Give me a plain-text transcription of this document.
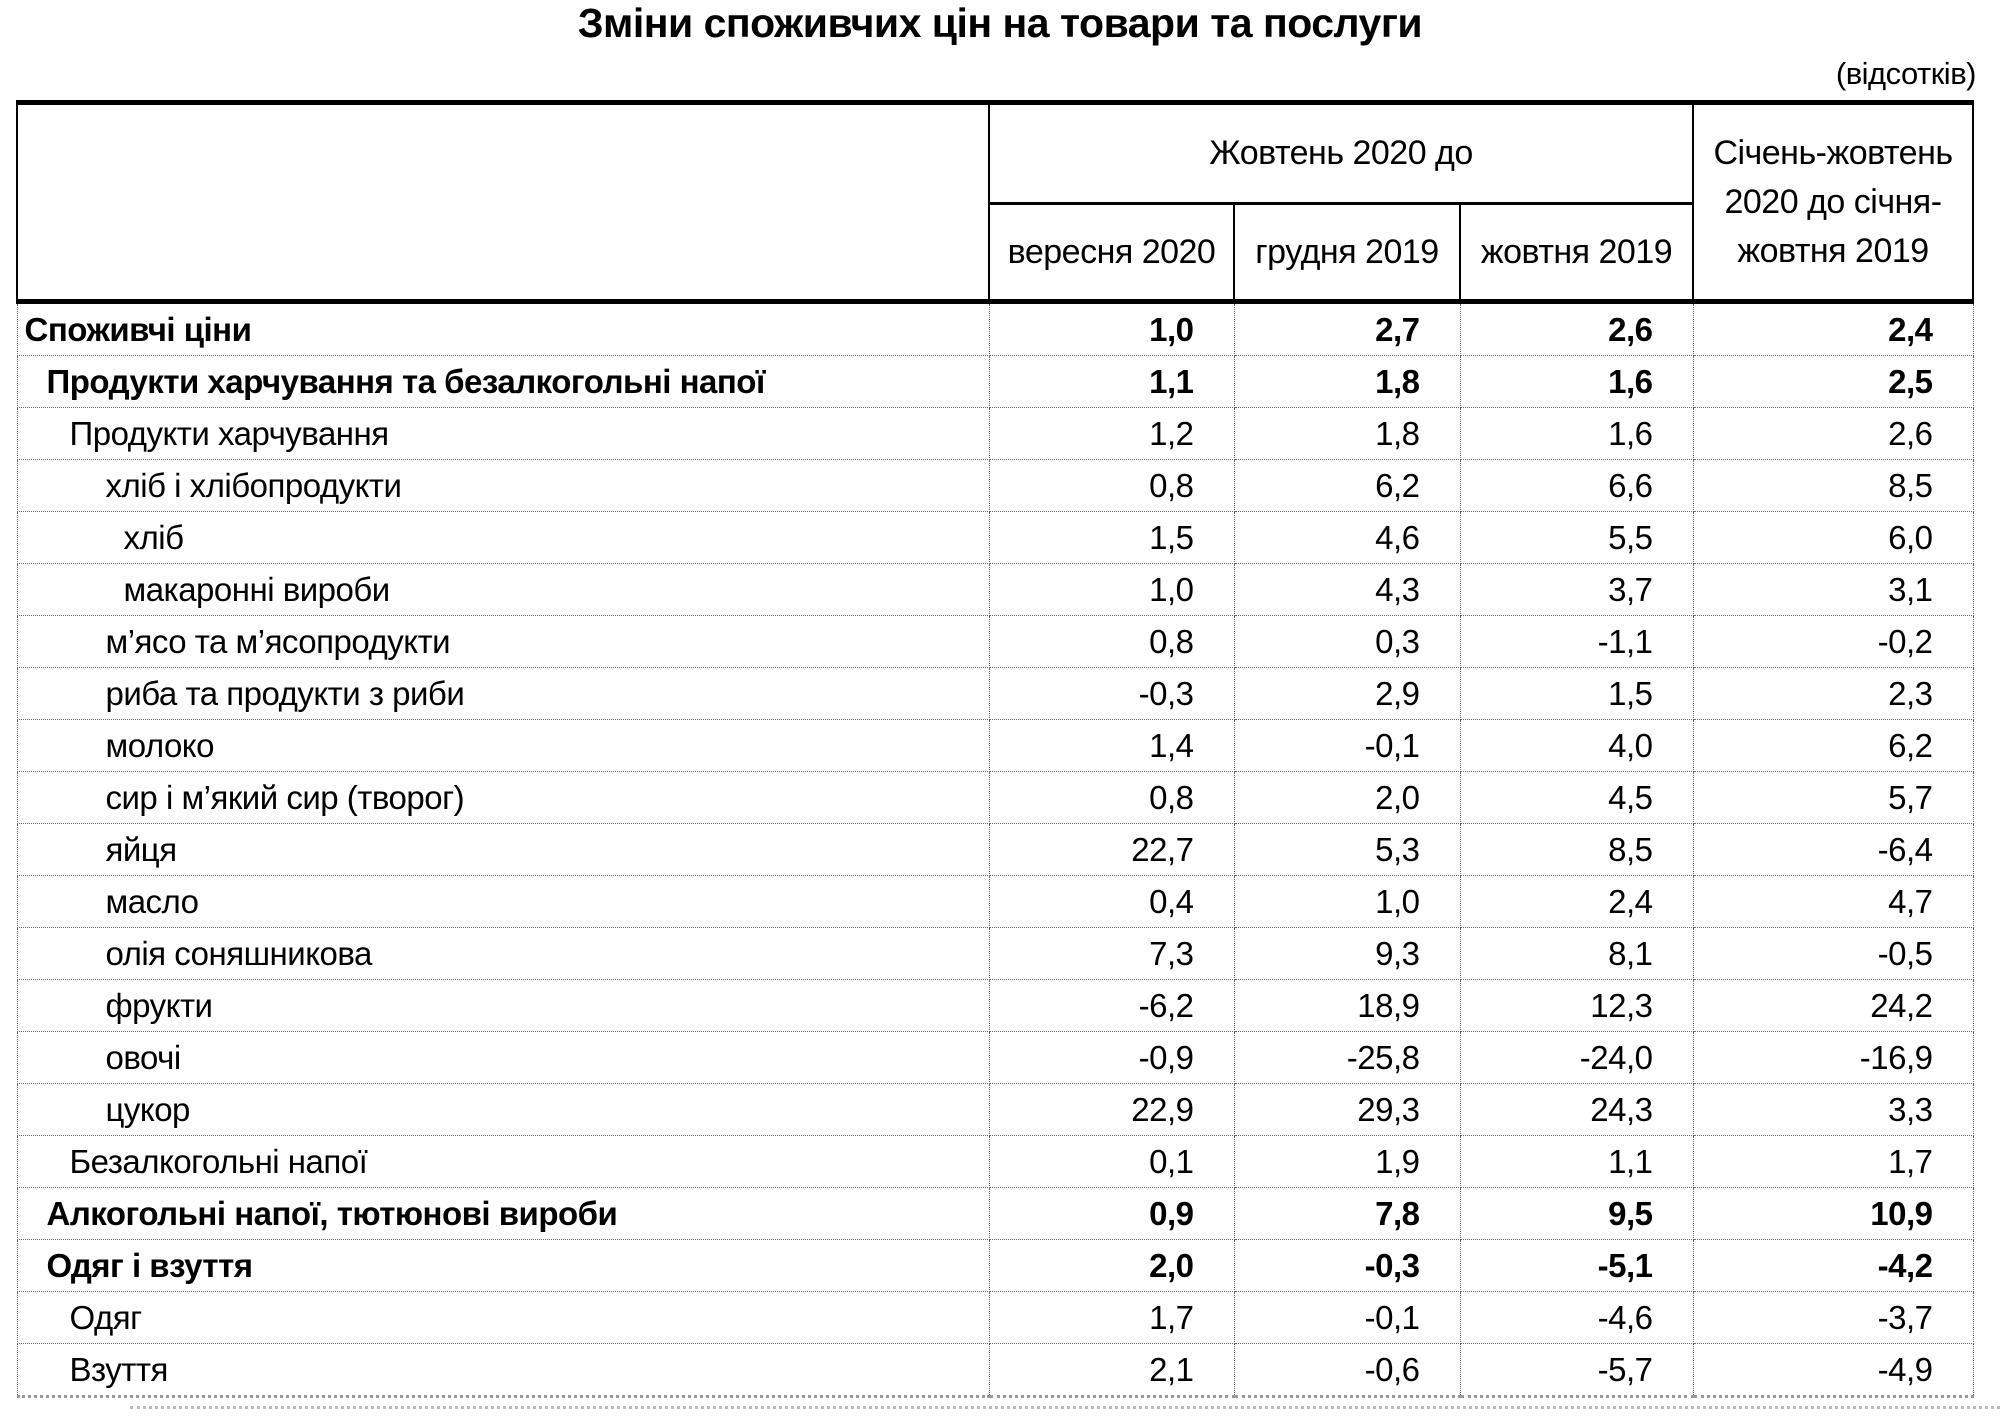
Зміни споживчих цін на товари та послуги
(відсотків)
	Жовтень 2020 до			Січень-жовтень 2020 до січня-жовтня 2019
	вересня 2020	грудня 2019	жовтня 2019	
Споживчі ціни	1,0	2,7	2,6	2,4
Продукти харчування та безалкогольні напої	1,1	1,8	1,6	2,5
Продукти харчування	1,2	1,8	1,6	2,6
хліб і хлібопродукти	0,8	6,2	6,6	8,5
хліб	1,5	4,6	5,5	6,0
макаронні вироби	1,0	4,3	3,7	3,1
м’ясо та м’ясопродукти	0,8	0,3	-1,1	-0,2
риба та продукти з риби	-0,3	2,9	1,5	2,3
молоко	1,4	-0,1	4,0	6,2
сир і м’який сир (творог)	0,8	2,0	4,5	5,7
яйця	22,7	5,3	8,5	-6,4
масло	0,4	1,0	2,4	4,7
олія соняшникова	7,3	9,3	8,1	-0,5
фрукти	-6,2	18,9	12,3	24,2
овочі	-0,9	-25,8	-24,0	-16,9
цукор	22,9	29,3	24,3	3,3
Безалкогольні напої	0,1	1,9	1,1	1,7
Алкогольні напої, тютюнові вироби	0,9	7,8	9,5	10,9
Одяг і взуття	2,0	-0,3	-5,1	-4,2
Одяг	1,7	-0,1	-4,6	-3,7
Взуття	2,1	-0,6	-5,7	-4,9
